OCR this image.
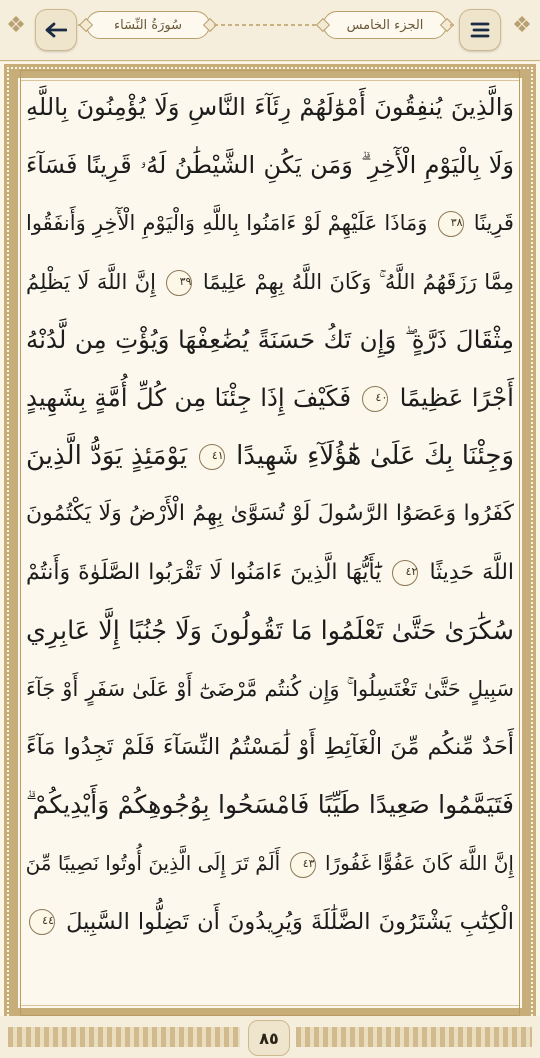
❖	❖
سُورَةُ النِّسَاء	الجزء الخامس
وَالَّذِينَ يُنفِقُونَ أَمْوَٰلَهُمْ رِئَآءَ النَّاسِ وَلَا يُؤْمِنُونَ بِاللَّهِ
وَلَا بِالْيَوْمِ الْأٓخِرِ ۗ وَمَن يَكُنِ الشَّيْطَٰنُ لَهُۥ قَرِينًا فَسَآءَ
قَرِينًا ٣٨ وَمَاذَا عَلَيْهِمْ لَوْ ءَامَنُوا بِاللَّهِ وَالْيَوْمِ الْأٓخِرِ وَأَنفَقُوا
مِمَّا رَزَقَهُمُ اللَّهُ ۚ وَكَانَ اللَّهُ بِهِمْ عَلِيمًا ٣٩ إِنَّ اللَّهَ لَا يَظْلِمُ
مِثْقَالَ ذَرَّةٍ ۖ وَإِن تَكُ حَسَنَةً يُضَٰعِفْهَا وَيُؤْتِ مِن لَّدُنْهُ
أَجْرًا عَظِيمًا ٤٠ فَكَيْفَ إِذَا جِئْنَا مِن كُلِّ أُمَّةٍ بِشَهِيدٍ
وَجِئْنَا بِكَ عَلَىٰ هَٰٓؤُلَآءِ شَهِيدًا ٤١ يَوْمَئِذٍ يَوَدُّ الَّذِينَ
كَفَرُوا وَعَصَوُا الرَّسُولَ لَوْ تُسَوَّىٰ بِهِمُ الْأَرْضُ وَلَا يَكْتُمُونَ
اللَّهَ حَدِيثًا ٤٢ يَٰٓأَيُّهَا الَّذِينَ ءَامَنُوا لَا تَقْرَبُوا الصَّلَوٰةَ وَأَنتُمْ
سُكَٰرَىٰ حَتَّىٰ تَعْلَمُوا مَا تَقُولُونَ وَلَا جُنُبًا إِلَّا عَابِرِي
سَبِيلٍ حَتَّىٰ تَغْتَسِلُوا ۚ وَإِن كُنتُم مَّرْضَىٰٓ أَوْ عَلَىٰ سَفَرٍ أَوْ جَآءَ
أَحَدٌ مِّنكُم مِّنَ الْغَآئِطِ أَوْ لَٰمَسْتُمُ النِّسَآءَ فَلَمْ تَجِدُوا مَآءً
فَتَيَمَّمُوا صَعِيدًا طَيِّبًا فَامْسَحُوا بِوُجُوهِكُمْ وَأَيْدِيكُمْ ۗ
إِنَّ اللَّهَ كَانَ عَفُوًّا غَفُورًا ٤٣ أَلَمْ تَرَ إِلَى الَّذِينَ أُوتُوا نَصِيبًا مِّنَ
الْكِتَٰبِ يَشْتَرُونَ الضَّلَٰلَةَ وَيُرِيدُونَ أَن تَضِلُّوا السَّبِيلَ ٤٤
٨٥
